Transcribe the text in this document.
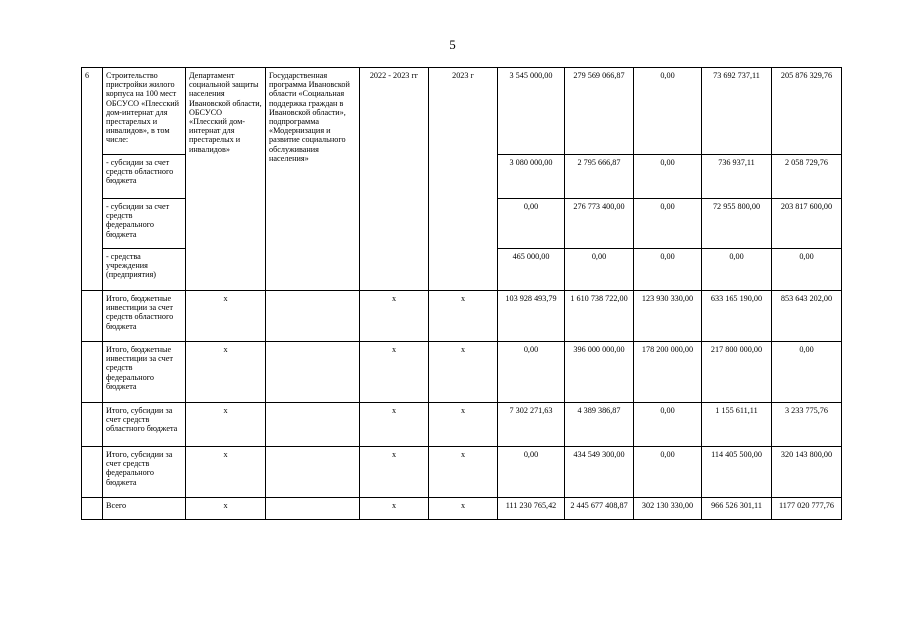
5
6	Строительство пристройки жилого корпуса на 100 мест ОБСУСО «Плесский дом-интернат для престарелых и инвалидов», в том числе:	Департамент социальной защиты населения Ивановской области, ОБСУСО «Плесский дом-интернат для престарелых и инвалидов»	Государственная программа Ивановской области «Социальная поддержка граждан в Ивановской области», подпрограмма «Модернизация и развитие социального обслуживания населения»	2022 - 2023 гг	2023 г	3 545 000,00	279 569 066,87	0,00	73 692 737,11	205 876 329,76
	- субсидии за счет средств областного бюджета					3 080 000,00	2 795 666,87	0,00	736 937,11	2 058 729,76
	- субсидии за счет средств федерального бюджета					0,00	276 773 400,00	0,00	72 955 800,00	203 817 600,00
	- средства учреждения (предприятия)					465 000,00	0,00	0,00	0,00	0,00
	Итого, бюджетные инвестиции за счет средств областного бюджета	х		х	х	103 928 493,79	1 610 738 722,00	123 930 330,00	633 165 190,00	853 643 202,00
	Итого, бюджетные инвестиции за счет средств федерального бюджета	х		х	х	0,00	396 000 000,00	178 200 000,00	217 800 000,00	0,00
	Итого, субсидии за счет средств областного бюджета	х		х	х	7 302 271,63	4 389 386,87	0,00	1 155 611,11	3 233 775,76
	Итого, субсидии за счет средств федерального бюджета	х		х	х	0,00	434 549 300,00	0,00	114 405 500,00	320 143 800,00
	Всего	х		х	х	111 230 765,42	2 445 677 408,87	302 130 330,00	966 526 301,11	1177 020 777,76
